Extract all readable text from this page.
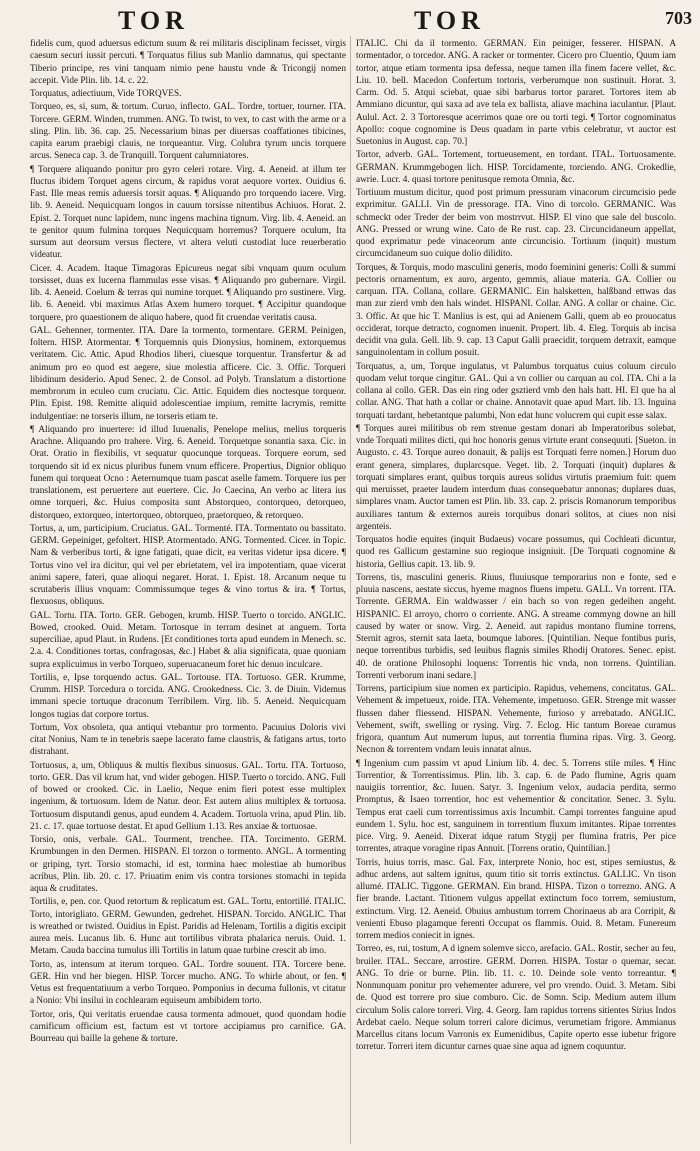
TOR	TOR	703

fidelis cum, quod aduersus edictum suum & rei militaris disciplinam fecisset, virgis caesum securi iussit percuti. ¶ Torquatus filius sub Manlio damnatus, qui spectante Tiberio principe, res vini tanquam nimio pene haustu vnde & Tricongij nomen accepit. Vide Plin. lib. 14. c. 22.

Torquatus, adiectiuum, Vide TORQVES.

Torqueo, es, si, sum, & tortum. Curuo, inflecto. GAL. Tordre, tortuer, tourner. ITA. Torcere. GERM. Winden, trummen. ANG. To twist, to vex, to cast with the arme or a sling. Plin. lib. 36. cap. 25. Necessarium binas per diuersas coaffationes tibicines, capita earum praebigi clauis, ne torqueantur. Virg. Colubra tyrum uncis torquere arcus. Seneca cap. 3. de Tranquill. Torquent calumniatores.

¶ Torquere aliquando ponitur pro gyro celeri rotare. Virg. 4. Aeneid. at illum ter fluctus ibidem Torquet agens circum, & rapidus vorat aequore vortex. Ouidius 6. Fast. Ille meas remis aduersis torsit aquas. ¶ Aliquando pro torquendo iacere. Virg. lib. 9. Aeneid. Nequicquam longos in cauum torsisse nitentibus Achiuos. Horat. 2. Epist. 2. Torquet nunc lapidem, nunc ingens machina tignum. Virg. lib. 4. Aeneid. an te genitor quum fulmina torques Nequicquam horremus? Torquere oculum, Ita sursum aut deorsum versus flectere, vt altera veluti custodiat luce reuerberatio videatur.

Cicer. 4. Academ. Itaque Timagoras Epicureus negat sibi vnquam quum oculum torsisset, duas ex lucerna flammulas esse visas. ¶ Aliquando pro gubernare. Virgil. lib. 4. Aeneid. Coelum & terras qui numine torquet. ¶ Aliquando pro sustinere. Virg. lib. 6. Aeneid. vbi maximus Atlas Axem humero torquet. ¶ Accipitur quandoque torquere, pro quaestionem de aliquo habere, quod fit cruendae veritatis causa.

GAL. Gehenner, tormenter. ITA. Dare la tormento, tormentare. GERM. Peinigen, foltern. HISP. Atormentar. ¶ Torquemnis quis Dionysius, hominem, extorquemus veritatem. Cic. Attic. Apud Rhodios liberi, ciuesque torquentur. Transfertur & ad animum pro eo quod est aegere, siue molestia afficere. Cic. 3. Offic. Torqueri libidinum desiderio. Apud Senec. 2. de Consol. ad Polyb. Translatum a distortione membrorum in eculeo cum cruciatu. Cic. Attic. Equidem dies noctesque torqueor. Plin. Epist. 198. Remitte aliquid adolescentiae impium, remitte lacrymis, remitte indulgentiae: ne torseris illum, ne torseris etiam te.

¶ Aliquando pro inuertere: id illud Iuuenalis, Penelope melius, melius torqueris Arachne. Aliquando pro trahere. Virg. 6. Aeneid. Torquetque sonantia saxa. Cic. in Orat. Oratio in flexibilis, vt sequatur quocunque torqueas. Torquere eorum, sed torquendo sit id ex nicus pluribus funem vnum efficere. Propertius, Dignior obliquo funem qui torqueat Ocno : Aeternumque tuam pascat aselle famem. Torquere ius per translationem, est peruertere aut euertere. Cic. Jo Caecina, An verbo ac litera ius omne torqueri, &c. Huius composita sunt Abstorqueo, contorqueo, detorqueo, distorqueo, extorqueo, intertorqueo, obtorqueo, praetorqueo, & retorqueo.

Tortus, a, um, participium. Cruciatus. GAL. Tormenté. ITA. Tormentato ou bassitato. GERM. Gepeiniget, gefoltert. HISP. Atormentado. ANG. Tormented. Cicer. in Topic. Nam & verberibus torti, & igne fatigati, quae dicit, ea veritas videtur ipsa dicere. ¶ Tortus vino vel ira dicitur, qui vel per ebrietatem, vel ira impotentiam, quae vicerat animi sapere, fateri, quae alioqui negaret. Horat. 1. Epist. 18. Arcanum neque tu scrutaberis illius vnquam: Commissumque teges & vino tortus & ira. ¶ Tortus, flexuosus, obliquus.

GAL. Tortu. ITA. Torto. GER. Gebogen, krumb. HISP. Tuerto o torcido. ANGLIC. Bowed, crooked. Ouid. Metam. Tortosque in terram desinet at anguem. Torta superciliae, apud Plaut. in Rudens. [Et conditiones torta apud eundem in Menech. sc. 2.a. 4. Conditiones tortas, confragosas, &c.] Habet & alia significata, quae quoniam supra explicuimus in verbo Torqueo, superuacaneum foret hic denuo inculcare.

Tortilis, e, Ipse torquendo actus. GAL. Tortouse. ITA. Tortuoso. GER. Krumme, Crumm. HISP. Torcedura o torcida. ANG. Crookedness. Cic. 3. de Diuin. Videmus immani specie tortuque draconum Terribilem. Virg. lib. 5. Aeneid. Nequicquam longos tugias dat corpore tortus.

Tortum, Vox obsoleta, qua antiqui vtebantur pro tormento. Pacuuius Doloris vivi citat Nonius, Nam te in tenebris saepe lacerato fame claustris, & fatigans artus, torto distrahant.

Tortuosus, a, um, Obliquus & multis flexibus sinuosus. GAL. Tortu. ITA. Tortuoso, torto. GER. Das vil krum hat, vnd wider gebogen. HISP. Tuerto o torcido. ANG. Full of bowed or crooked. Cic. in Laelio, Neque enim fieri potest esse multiplex ingenium, & tortuosum. Idem de Natur. deor. Est autem alius multiplex & tortuosa. Tortuosum disputandi genus, apud eundem 4. Academ. Tortuola vrina, apud Plin. lib. 21. c. 17. quae tortuose destat. Et apud Gellium 1.13. Res anxiae & tortuosae.

Torsio, onis, verbale. GAL. Tourment, trenchee. ITA. Torcimento. GERM. Krumbungen in den Dermen. HISPAN. El torzon o tormento. ANGL. A tormenting or griping, tyrt. Torsio stomachi, id est, tormina haec molestiae ab humoribus acribus, Plin. lib. 20. c. 17. Priuatim enim vis contra torsiones stomachi in tepida aqua & cruditates.

Tortilis, e, pen. cor. Quod retortum & replicatum est. GAL. Tortu, entortillé. ITALIC. Torto, intorigliato. GERM. Gewunden, gedrehet. HISPAN. Torcido. ANGLIC. That is wreathed or twisted. Ouidius in Epist. Paridis ad Helenam, Tortilis a digitis excipit aurea meis. Lucanus lib. 6. Hunc aut tortilibus vibrata phalarica neruis. Ouid. 1. Metam. Cauda baccina tumulus illi Tortilis in latum quae turbine crescit ab imo.

Torto, as, intensum at iterum torqueo. GAL. Tordre souuent. ITA. Torcere bene. GER. Hin vnd her biegen. HISP. Torcer mucho. ANG. To whirle about, or fen. ¶ Vetus est frequentatiuum a verbo Torqueo. Pomponius in decuma fullonis, vt citatur a Nonio: Vbi insilui in cochlearam equiseum ambibidem torto.

Tortor, oris, Qui veritatis eruendae causa tormenta admouet, quod quondam hodie carnificum officium est, factum est vt tortore accipiamus pro carnifice. GA. Bourreau qui baille la gehene & torture.

ITALIC. Chi da il tormento. GERMAN. Ein peiniger, fesserer. HISPAN. A tormentador, o torcedor. ANG. A racker or tormenter. Cicero pro Cluentio, Quum iam tortor, atque etiam tormenta ipsa defessa, neque tamen illa finem facere vellet, &c. Liu. 10. bell. Macedon Confertum tortoris, verberumque non sustinuit. Horat. 3. Carm. Od. 5. Atqui sciebat, quae sibi barbarus tortor pararet. Tortores item ab Ammiano dicuntur, qui saxa ad ave tela ex ballista, aliave machina iaculantur. [Plaut. Aulul. Act. 2. 3 Tortoresque acerrimos quae ore ou torti tegi. ¶ Tortor cognominatus Apollo: coque cognomine is Deus quadam in parte vrbis celebratur, vt auctor est Suetonius in August. cap. 70.]

Tortor, adverb. GAL. Tortement, tortueusement, en tordant. ITAL. Tortuosamente. GERMAN. Krummgebogen lich. HISP. Torcidamente, torciendo. ANG. Crokedlie, awrie. Lucr. 4. quasi tortore penitusque remota Omnia, &c.

Tortiuum mustum dicitur, quod post primum pressuram vinacorum circumcisio pede exprimitur. GALLI. Vin de pressorage. ITA. Vino di torcolo. GERMANIC. Was schmeckt oder Treder der beim von mostrrvut. HISP. El vino que sale del buscolo. ANG. Pressed or wrung wine. Cato de Re rust. cap. 23. Circuncidaneum appellat, quod exprimatur pede vinaceorum ante circuncisio. Tortiuum (inquit) mustum circumcidaneum suo cuique dolio dilidito.

Torques, & Torquis, modo masculini generis, modo foeminini generis: Colli & summi pectoris ornamentum, ex auro, argento, gemmis, aliaue materia. GA. Collier ou carquan. ITA. Collana, collare. GERMANIC. Ein halsketten, halßband ettwas das man zur zierd vmb den hals windet. HISPANI. Collar. ANG. A collar or chaine. Cic. 3. Offic. At que hic T. Manlius is est, qui ad Anienem Galli, quem ab eo prouocatus occiderat, torque detracto, cognomen inuenit. Propert. lib. 4. Eleg. Torquis ab incisa decidit vna gula. Gell. lib. 9. cap. 13 Caput Galli praecidit, torquem detraxit, eamque sanguinolentam in collum posuit.

Torquatus, a, um, Torque ingulatus, vt Palumbus torquatus cuius coluum circulo quodam velut torque cingitur. GAL. Qui a vn collier ou carquan au col. ITA. Chi a la collana al collo. GER. Das ein ring oder gsztierd vmb den hals hatt. HI. El que ha al collar. ANG. That hath a collar or chaine. Annotavit quae apud Mart. lib. 13. Inguina torquati tardant, hebetantque palumbi, Non edat hunc volucrem qui cupit esse salax.

¶ Torques aurei militibus ob rem strenue gestam donari ab Imperatoribus solebat, vnde Torquati milites dicti, qui hoc honoris genus virtute erant consequuti. [Sueton. in Augusto. c. 43. Torque aureo donauit, & palijs est Torquati ferre nomen.] Horum duo erant genera, simplares, duplarcsque. Veget. lib. 2. Torquati (inquit) duplares & torquati simplares erant, quibus torquis aureus solidus virtutis praemium fuit: quem qui meruisset, praeter laudem interdum duas consequebatur annonas; duplares duas, simplares vnam. Auctor tamen est Plin. lib. 33. cap. 2. priscis Romanorum temporibus auxiliares tantum & externos aureis torquibus donari solitos, at ciues non nisi argenteis.

Torquatos hodie equites (inquit Budaeus) vocare possumus, qui Cochleati dicuntur, quod res Gallicum gestamine suo regioque insigniuit. [De Torquati cognomine & historia, Gellius capit. 13. lib. 9.

Torrens, tis, masculini generis. Riuus, fluuiusque temporarius non e fonte, sed e pluuia nascens, aestate siccus, hyeme magnos fluens impetu. GALL. Vn torrent. ITA. Torrente. GERMA. Ein waldwasser / ein bach so von regen gedeihen angeht. HISPANIC. El arroyo, chorro o corriente. ANG. A streame commyng downe an hill caused by water or snow. Virg. 2. Aeneid. aut rapidus montano flumine torrens, Sternit agros, sternit sata laeta, boumque labores. [Quintilian. Neque fontibus puris, neque torrentibus turbidis, sed leuibus flagnis similes Rhodij Oratores. Senec. epist. 40. de oratione Philosophi loquens: Torrentis hic vnda, non torrens. Quintilian. Torrenti verborum inani sedare.]

Torrens, participium siue nomen ex participio. Rapidus, vehemens, concitatus. GAL. Vehement & impetueux, roide. ITA. Vehemente, impetuoso. GER. Strenge mit wasser flussen daher fliessend. HISPAN. Vehemente, furioso y arrebatado. ANGLIC. Vehement, swift, swelling or rysing. Virg. 7. Eclog. Hic tantum Boreae curamus frigora, quantum Aut numerum lupus, aut torrentia flumina ripas. Virg. 3. Georg. Necnon & torrentem vndam leuis innatat alnus.

¶ Ingenium cum passim vt apud Linium lib. 4. dec. 5. Torrens stile miles. ¶ Hinc Torrentior, & Torrentissimus. Plin. lib. 3. cap. 6. de Pado flumine, Agris quam nauigiis torrentior, &c. Iuuen. Satyr. 3. Ingenium velox, audacia perdita, sermo Promptus, & Isaeo torrentior, hoc est vehementior & concitatior. Senec. 3. Sylu. Tempus erat caeli cum torrentissimus axis Incumbit. Campi torrentes fanguine apud eundem 1. Sylu. hoc est, sanguinem in torrentium fluxum imitantes. Ripae torrentes pice. Virg. 9. Aeneid. Dixerat idque ratum Stygij per flumina fratris, Per pice torrentes, atraque voragine ripas Annuit. [Torrens oratio, Quintilian.]

Torris, huius torris, masc. Gal. Fax, interprete Nonio, hoc est, stipes semiustus, & adhuc ardens, aut saltem ignitus, quum titio sit torris extinctus. GALLIC. Vn tison allumé. ITALIC. Tiggone. GERMAN. Ein brand. HISPA. Tizon o torrezno. ANG. A fier brande. Lactant. Titionem vulgus appellat extinctum foco torrem, semiustum, extinctum. Virg. 12. Aeneid. Obuius ambustum torrem Chorinaeus ab ara Corripit, & venienti Ebuso plagamque ferenti Occupat os flammis. Ouid. 8. Metam. Funereum torrem medios coniecit in ignes.

Torreo, es, rui, tostum, A d ignem solemve sicco, arefacio. GAL. Rostir, secher au feu, bruiler. ITAL. Seccare, arrostire. GERM. Dorren. HISPA. Tostar o quemar, secar. ANG. To drie or burne. Plin. lib. 11. c. 10. Deinde sole vento torreantur. ¶ Nonnunquam ponitur pro vehementer adurere, vel pro vrendo. Ouid. 3. Metam. Sibi de. Quod est torrere pro siue comburo. Cic. de Somn. Scip. Medium autem illum circulum Solis calore torreri. Virg. 4. Georg. Iam rapidus torrens sitientes Sirius Indos Ardebat caelo. Neque solum torreri calore dicimus, verumetiam frigore. Ammianus Marcellus citans locum Varronis ex Eumenidibus, Capite operto esse iubetur frigore torretur. Torreri item dicuntur carnes quae sine aqua ad ignem coquuntur.
